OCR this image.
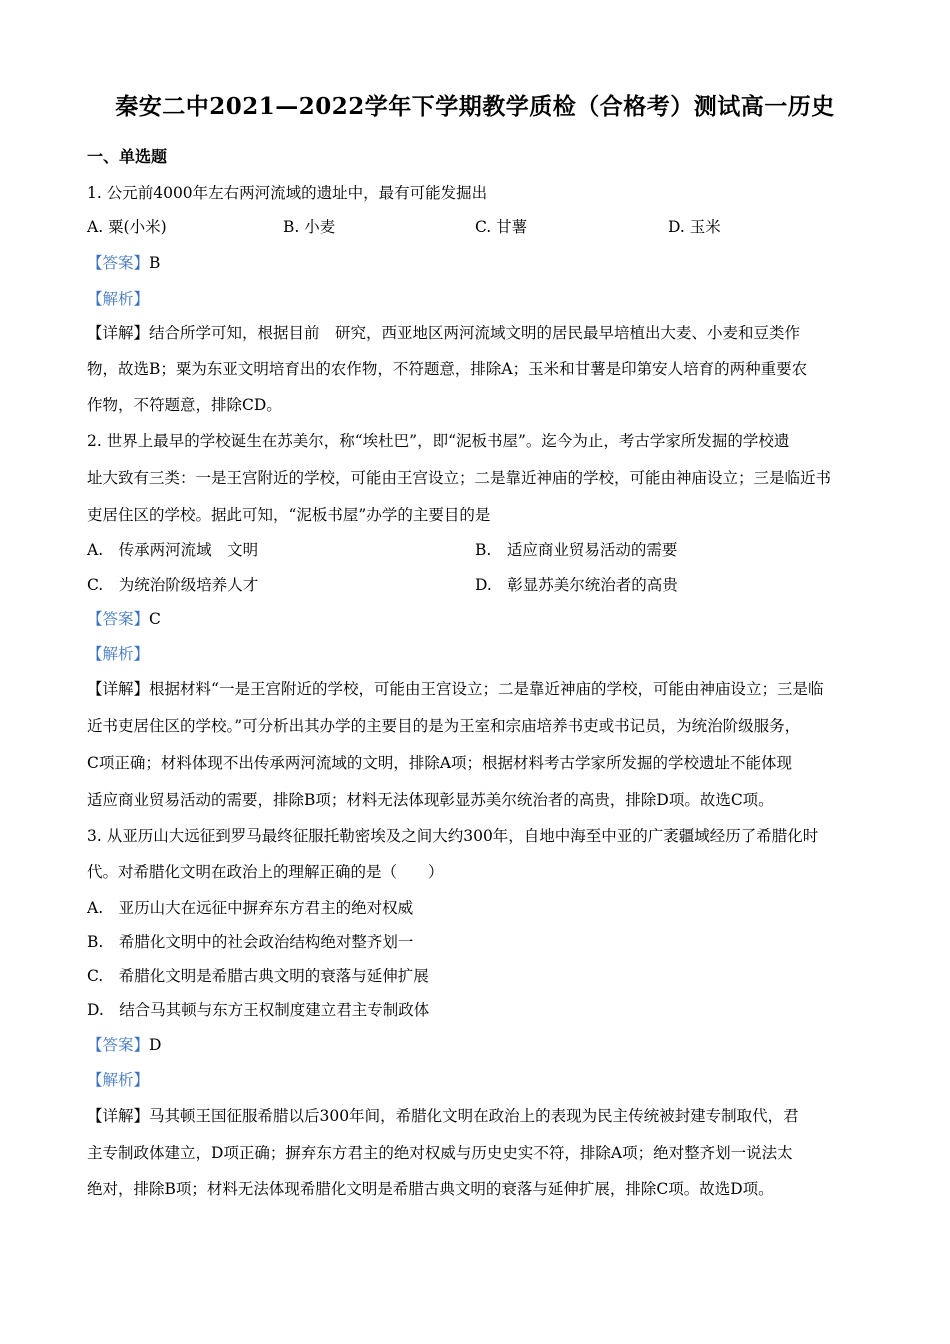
秦安二中2021—2022学年下学期教学质检（合格考）测试高一历史
一、单选题
1. 公元前4000年左右两河流域的遗址中，最有可能发掘出
A. 粟(小米)	B. 小麦	C. 甘薯	D. 玉米
【答案】B
【解析】
【详解】结合所学可知，根据目前　研究，西亚地区两河流域文明的居民最早培植出大麦、小麦和豆类作
物，故选B；粟为东亚文明培育出的农作物，不符题意，排除A；玉米和甘薯是印第安人培育的两种重要农
作物，不符题意，排除CD。
2. 世界上最早的学校诞生在苏美尔，称“埃杜巴”，即“泥板书屋”。迄今为止，考古学家所发掘的学校遗
址大致有三类：一是王宫附近的学校，可能由王宫设立；二是靠近神庙的学校，可能由神庙设立；三是临近书
吏居住区的学校。据此可知，“泥板书屋”办学的主要目的是
A.　传承两河流域　文明	B.　适应商业贸易活动的需要
C.　为统治阶级培养人才	D.　彰显苏美尔统治者的高贵
【答案】C
【解析】
【详解】根据材料“一是王宫附近的学校，可能由王宫设立；二是靠近神庙的学校，可能由神庙设立；三是临
近书吏居住区的学校。”可分析出其办学的主要目的是为王室和宗庙培养书吏或书记员，为统治阶级服务，
C项正确；材料体现不出传承两河流域的文明，排除A项；根据材料考古学家所发掘的学校遗址不能体现
适应商业贸易活动的需要，排除B项；材料无法体现彰显苏美尔统治者的高贵，排除D项。故选C项。
3. 从亚历山大远征到罗马最终征服托勒密埃及之间大约300年，自地中海至中亚的广袤疆域经历了希腊化时
代。对希腊化文明在政治上的理解正确的是（　　）
A.　亚历山大在远征中摒弃东方君主的绝对权威
B.　希腊化文明中的社会政治结构绝对整齐划一
C.　希腊化文明是希腊古典文明的衰落与延伸扩展
D.　结合马其顿与东方王权制度建立君主专制政体
【答案】D
【解析】
【详解】马其顿王国征服希腊以后300年间，希腊化文明在政治上的表现为民主传统被封建专制取代，君
主专制政体建立，D项正确；摒弃东方君主的绝对权威与历史史实不符，排除A项；绝对整齐划一说法太
绝对，排除B项；材料无法体现希腊化文明是希腊古典文明的衰落与延伸扩展，排除C项。故选D项。
